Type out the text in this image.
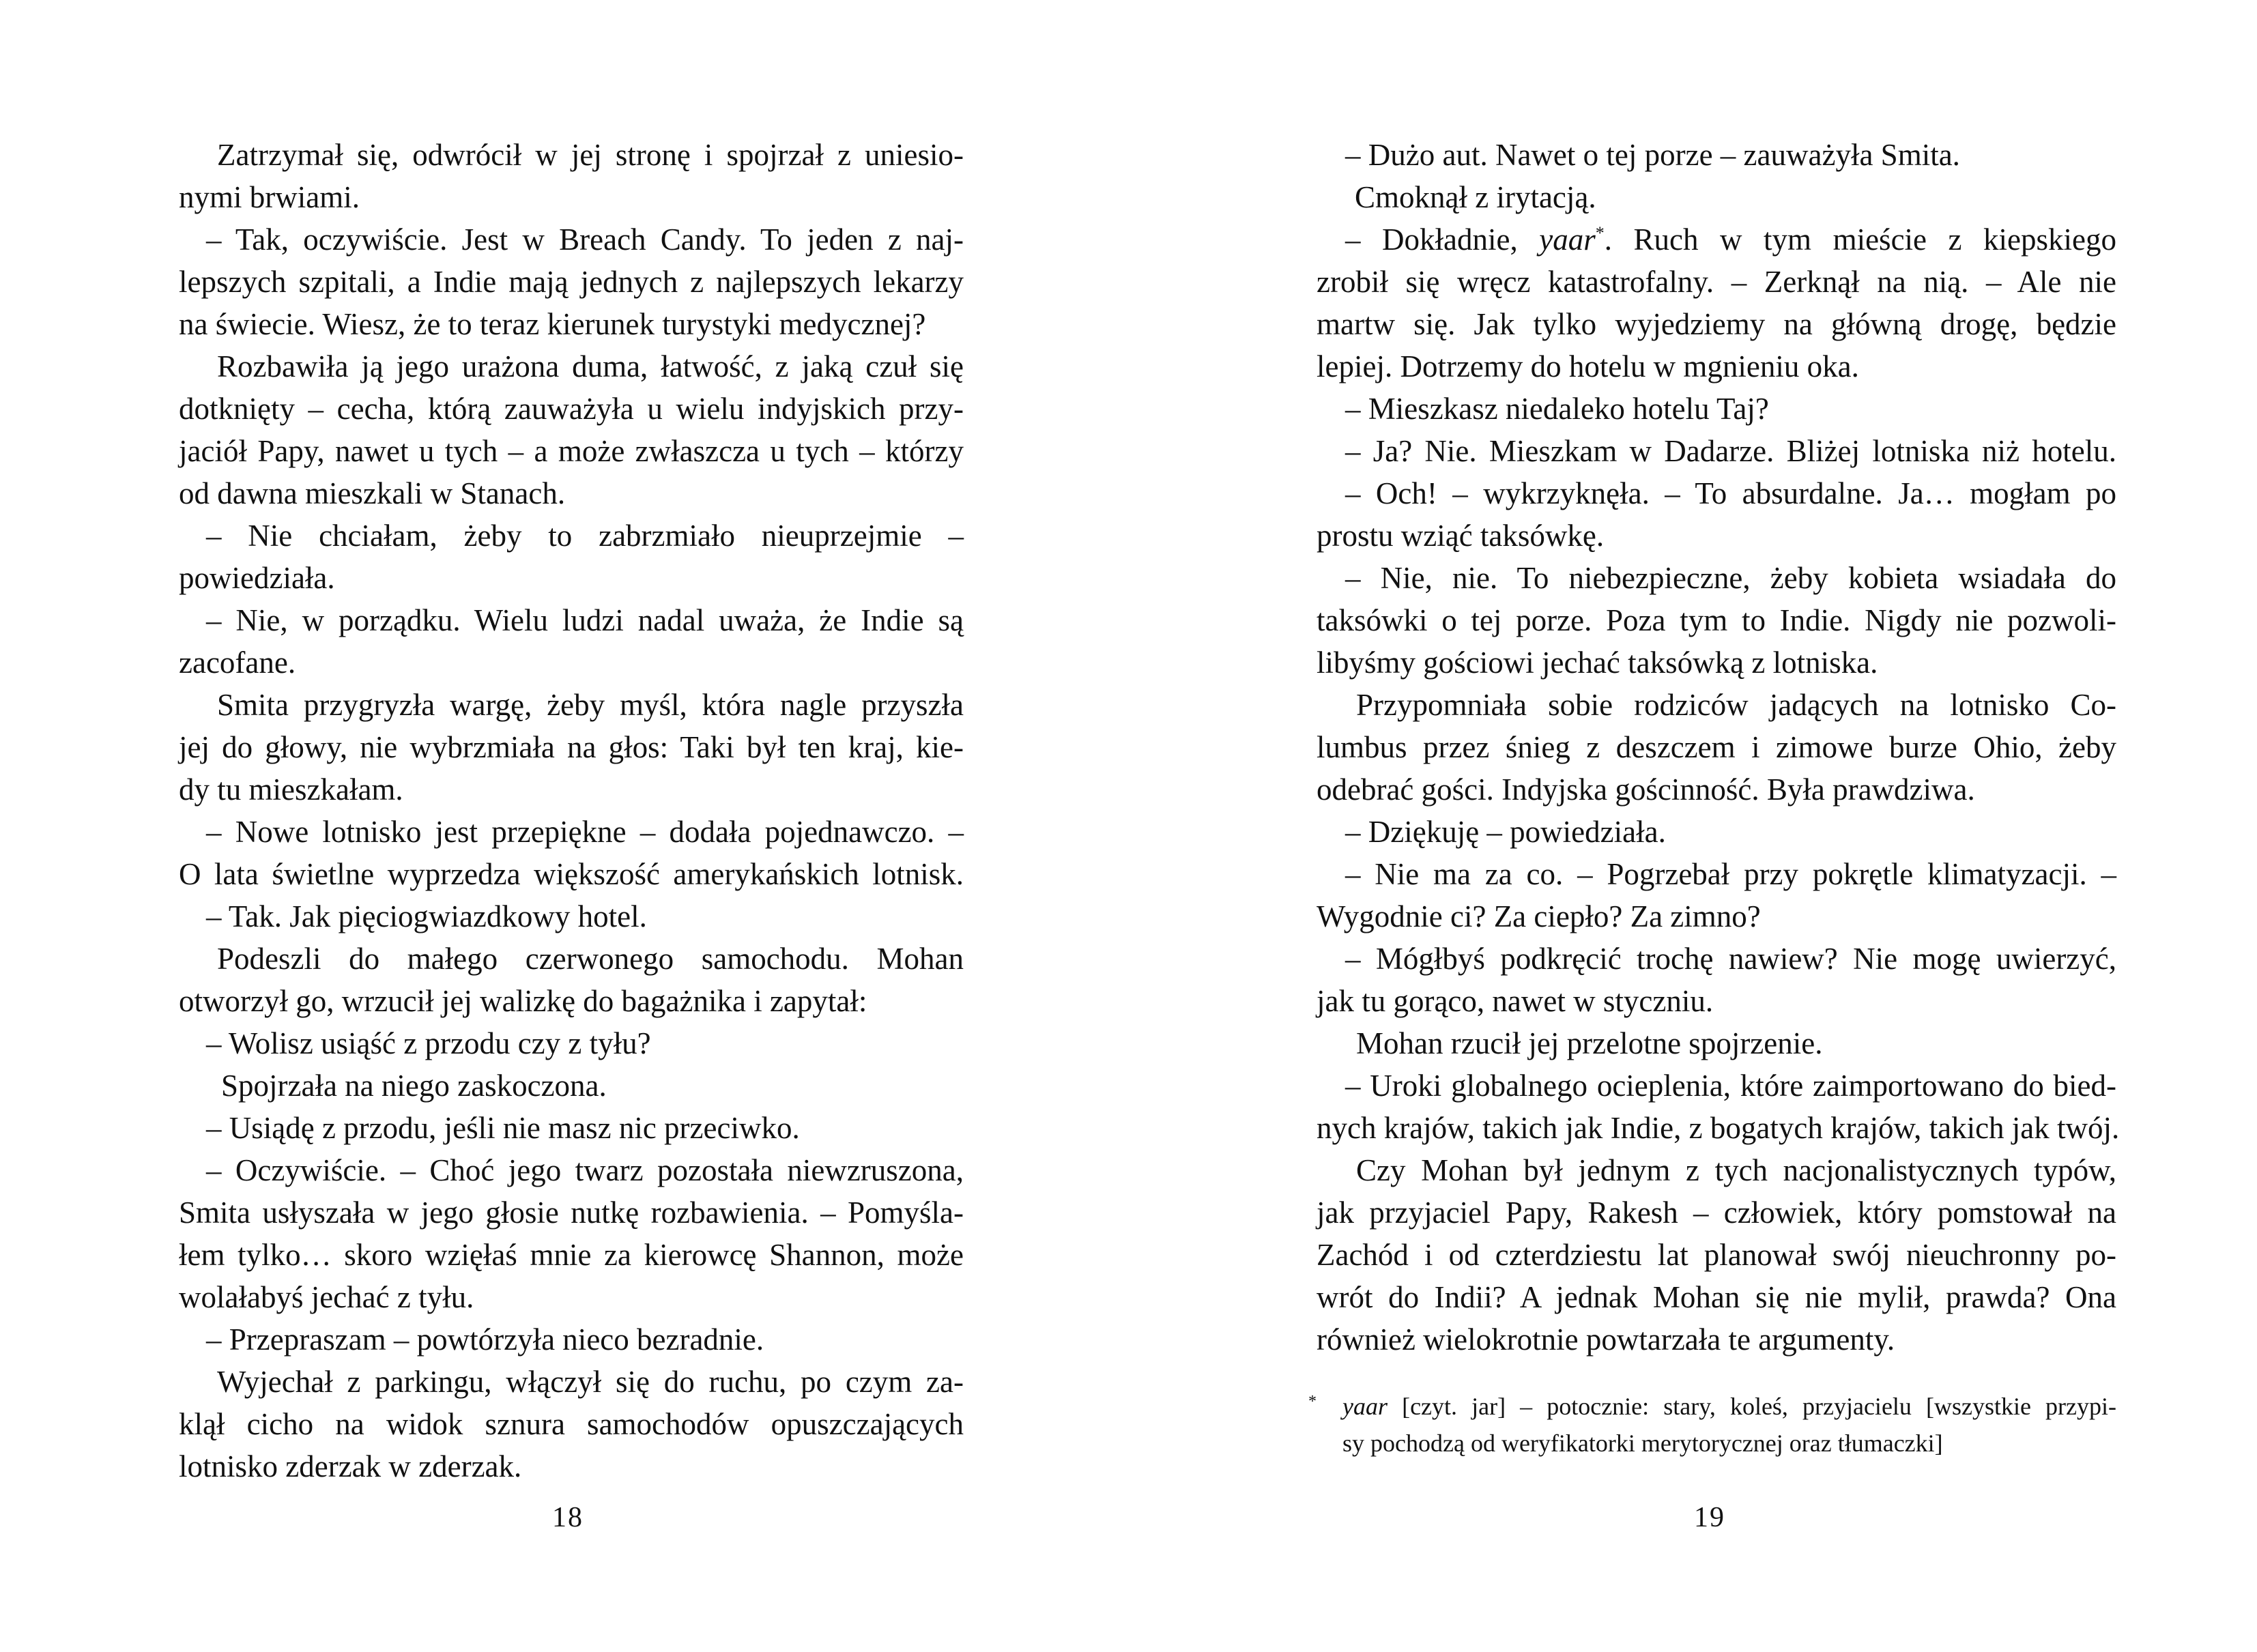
Zatrzymał się, odwrócił w jej stronę i spojrzał z uniesio-
nymi brwiami.
– Tak, oczywiście. Jest w Breach Candy. To jeden z naj-
lepszych szpitali, a Indie mają jednych z najlepszych lekarzy
na świecie. Wiesz, że to teraz kierunek turystyki medycznej?
Rozbawiła ją jego urażona duma, łatwość, z jaką czuł się
dotknięty – cecha, którą zauważyła u wielu indyjskich przy-
jaciół Papy, nawet u tych – a może zwłaszcza u tych – którzy
od dawna mieszkali w Stanach.
– Nie chciałam, żeby to zabrzmiało nieuprzejmie –
powiedziała.
– Nie, w porządku. Wielu ludzi nadal uważa, że Indie są
zacofane.
Smita przygryzła wargę, żeby myśl, która nagle przyszła
jej do głowy, nie wybrzmiała na głos: Taki był ten kraj, kie-
dy tu mieszkałam.
– Nowe lotnisko jest przepiękne – dodała pojednawczo. –
O lata świetlne wyprzedza większość amerykańskich lotnisk.
– Tak. Jak pięciogwiazdkowy hotel.
Podeszli do małego czerwonego samochodu. Mohan
otworzył go, wrzucił jej walizkę do bagażnika i zapytał:
– Wolisz usiąść z przodu czy z tyłu?
Spojrzała na niego zaskoczona.
– Usiądę z przodu, jeśli nie masz nic przeciwko.
– Oczywiście. – Choć jego twarz pozostała niewzruszona,
Smita usłyszała w jego głosie nutkę rozbawienia. – Pomyśla-
łem tylko… skoro wzięłaś mnie za kierowcę Shannon, może
wolałabyś jechać z tyłu.
– Przepraszam – powtórzyła nieco bezradnie.
Wyjechał z parkingu, włączył się do ruchu, po czym za-
klął cicho na widok sznura samochodów opuszczających
lotnisko zderzak w zderzak.
18
– Dużo aut. Nawet o tej porze – zauważyła Smita.
Cmoknął z irytacją.
– Dokładnie, yaar*. Ruch w tym mieście z kiepskiego
zrobił się wręcz katastrofalny. – Zerknął na nią. – Ale nie
martw się. Jak tylko wyjedziemy na główną drogę, będzie
lepiej. Dotrzemy do hotelu w mgnieniu oka.
– Mieszkasz niedaleko hotelu Taj?
– Ja? Nie. Mieszkam w Dadarze. Bliżej lotniska niż hotelu.
– Och! – wykrzyknęła. – To absurdalne. Ja… mogłam po
prostu wziąć taksówkę.
– Nie, nie. To niebezpieczne, żeby kobieta wsiadała do
taksówki o tej porze. Poza tym to Indie. Nigdy nie pozwoli-
libyśmy gościowi jechać taksówką z lotniska.
Przypomniała sobie rodziców jadących na lotnisko Co-
lumbus przez śnieg z deszczem i zimowe burze Ohio, żeby
odebrać gości. Indyjska gościnność. Była prawdziwa.
– Dziękuję – powiedziała.
– Nie ma za co. – Pogrzebał przy pokrętle klimatyzacji. –
Wygodnie ci? Za ciepło? Za zimno?
– Mógłbyś podkręcić trochę nawiew? Nie mogę uwierzyć,
jak tu gorąco, nawet w styczniu.
Mohan rzucił jej przelotne spojrzenie.
– Uroki globalnego ocieplenia, które zaimportowano do bied-
nych krajów, takich jak Indie, z bogatych krajów, takich jak twój.
Czy Mohan był jednym z tych nacjonalistycznych typów,
jak przyjaciel Papy, Rakesh – człowiek, który pomstował na
Zachód i od czterdziestu lat planował swój nieuchronny po-
wrót do Indii? A jednak Mohan się nie mylił, prawda? Ona
również wielokrotnie powtarzała te argumenty.
*	yaar [czyt. jar] – potocznie: stary, koleś, przyjacielu [wszystkie przypi-
sy pochodzą od weryfikatorki merytorycznej oraz tłumaczki]
19
